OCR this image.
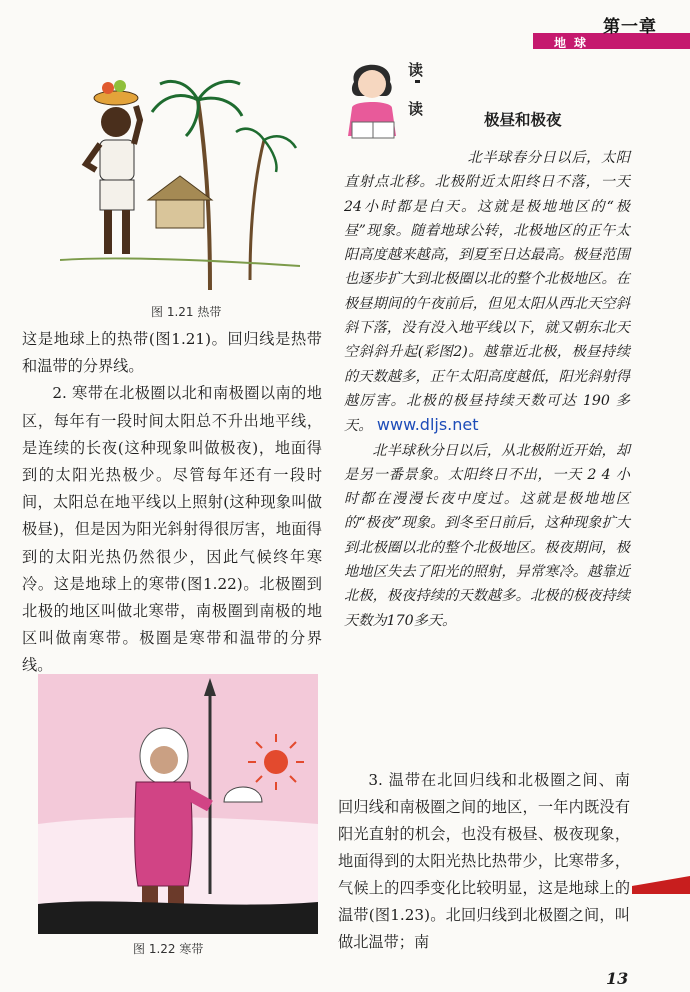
第一章
地球
图 1.21 热带

这是地球上的热带(图1.21)。回归线是热带和温带的分界线。

2. 寒带在北极圈以北和南极圈以南的地区，每年有一段时间太阳总不升出地平线，是连续的长夜(这种现象叫做极夜)，地面得到的太阳光热极少。尽管每年还有一段时间，太阳总在地平线以上照射(这种现象叫做极昼)，但是因为阳光斜射得很厉害，地面得到的太阳光热仍然很少，因此气候终年寒冷。这是地球上的寒带(图1.22)。北极圈到北极的地区叫做北寒带，南极圈到南极的地区叫做南寒带。极圈是寒带和温带的分界线。

图 1.22 寒带
读
读
极昼和极夜

北半球春分日以后，太阳直射点北移。北极附近太阳终日不落，一天24小时都是白天。这就是极地地区的“极昼”现象。随着地球公转，北极地区的正午太阳高度越来越高，到夏至日达最高。极昼范围也逐步扩大到北极圈以北的整个北极地区。在极昼期间的午夜前后，但见太阳从西北天空斜斜下落，没有没入地平线以下，就又朝东北天空斜斜升起(彩图2)。越靠近北极，极昼持续的天数越多，正午太阳高度越低，阳光斜射得越厉害。北极的极昼持续天数可达 190 多天。 www.dljs.net

北半球秋分日以后，从北极附近开始，却是另一番景象。太阳终日不出，一天 2 4 小时都在漫漫长夜中度过。这就是极地地区的“极夜”现象。到冬至日前后，这种现象扩大到北极圈以北的整个北极地区。极夜期间，极地地区失去了阳光的照射，异常寒冷。越靠近北极，极夜持续的天数越多。北极的极夜持续天数为170多天。

3. 温带在北回归线和北极圈之间、南回归线和南极圈之间的地区，一年内既没有阳光直射的机会，也没有极昼、极夜现象，地面得到的太阳光热比热带少，比寒带多，气候上的四季变化比较明显，这是地球上的温带(图1.23)。北回归线到北极圈之间，叫做北温带；南

13
